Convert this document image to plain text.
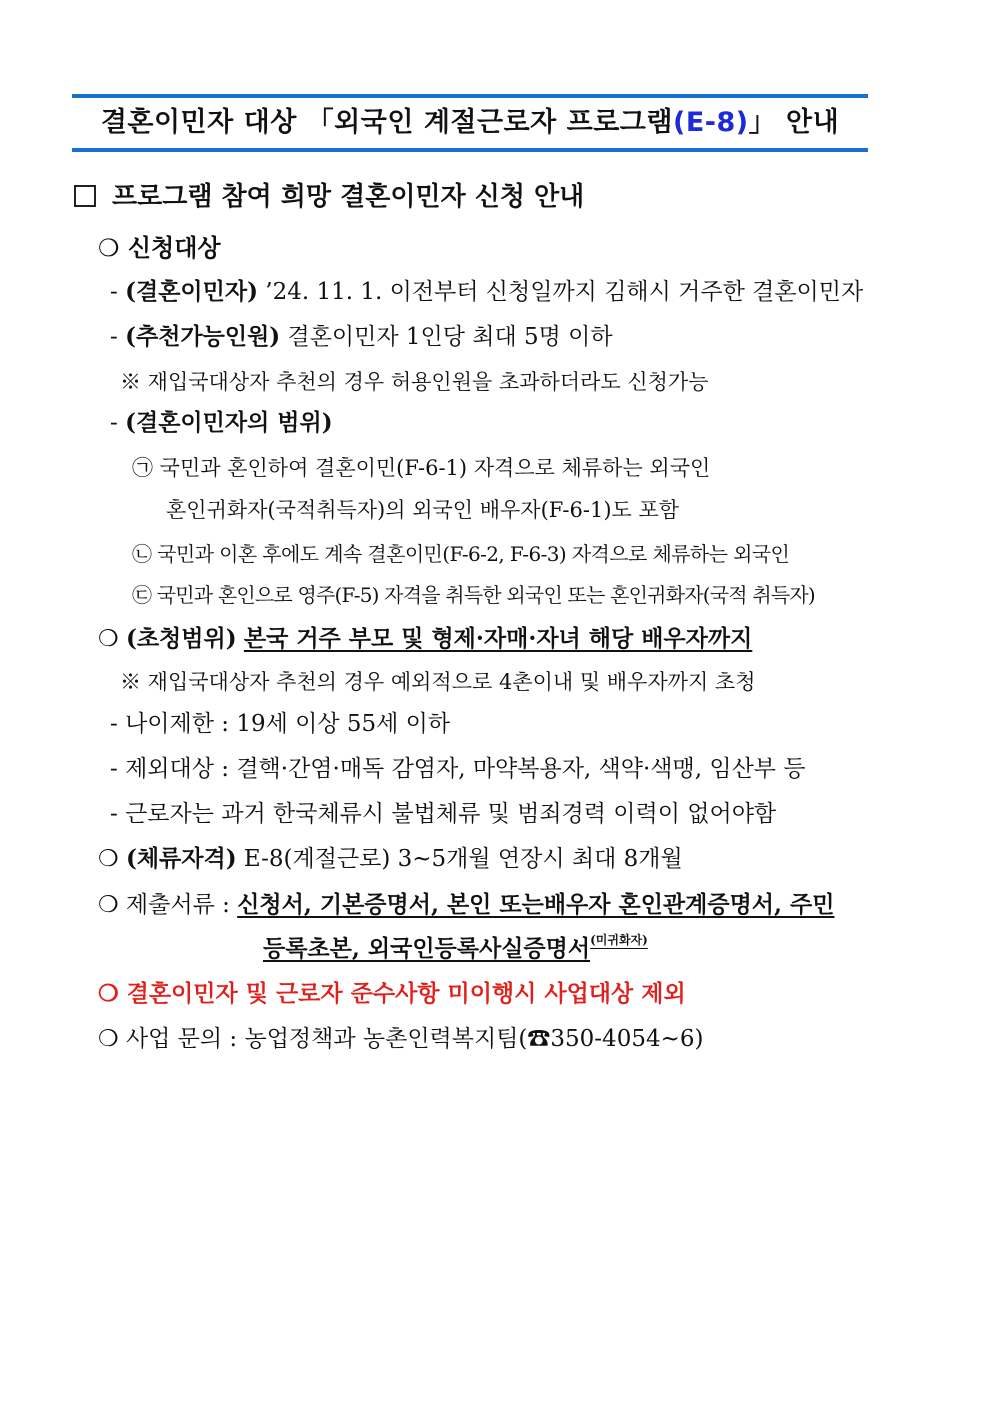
결혼이민자 대상 「외국인 계절근로자 프로그램(E-8)」 안내
프로그램 참여 희망 결혼이민자 신청 안내
❍ 신청대상
- (결혼이민자) ’24. 11. 1. 이전부터 신청일까지 김해시 거주한 결혼이민자
- (추천가능인원) 결혼이민자 1인당 최대 5명 이하
※ 재입국대상자 추천의 경우 허용인원을 초과하더라도 신청가능
- (결혼이민자의 범위)
㉠ 국민과 혼인하여 결혼이민(F-6-1) 자격으로 체류하는 외국인
혼인귀화자(국적취득자)의 외국인 배우자(F-6-1)도 포함
㉡ 국민과 이혼 후에도 계속 결혼이민(F-6-2, F-6-3) 자격으로 체류하는 외국인
㉢ 국민과 혼인으로 영주(F-5) 자격을 취득한 외국인 또는 혼인귀화자(국적 취득자)
❍ (초청범위) 본국 거주 부모 및 형제·자매·자녀 해당 배우자까지
※ 재입국대상자 추천의 경우 예외적으로 4촌이내 및 배우자까지 초청
- 나이제한 : 19세 이상 55세 이하
- 제외대상 : 결핵·간염·매독 감염자, 마약복용자, 색약·색맹, 임산부 등
- 근로자는 과거 한국체류시 불법체류 및 범죄경력 이력이 없어야함
❍ (체류자격) E-8(계절근로) 3~5개월 연장시 최대 8개월
❍ 제출서류 : 신청서, 기본증명서, 본인 또는배우자 혼인관계증명서, 주민
등록초본, 외국인등록사실증명서$^{(미귀화자)}$
❍ 결혼이민자 및 근로자 준수사항 미이행시 사업대상 제외
❍ 사업 문의 : 농업정책과 농촌인력복지팀(☎350-4054~6)
